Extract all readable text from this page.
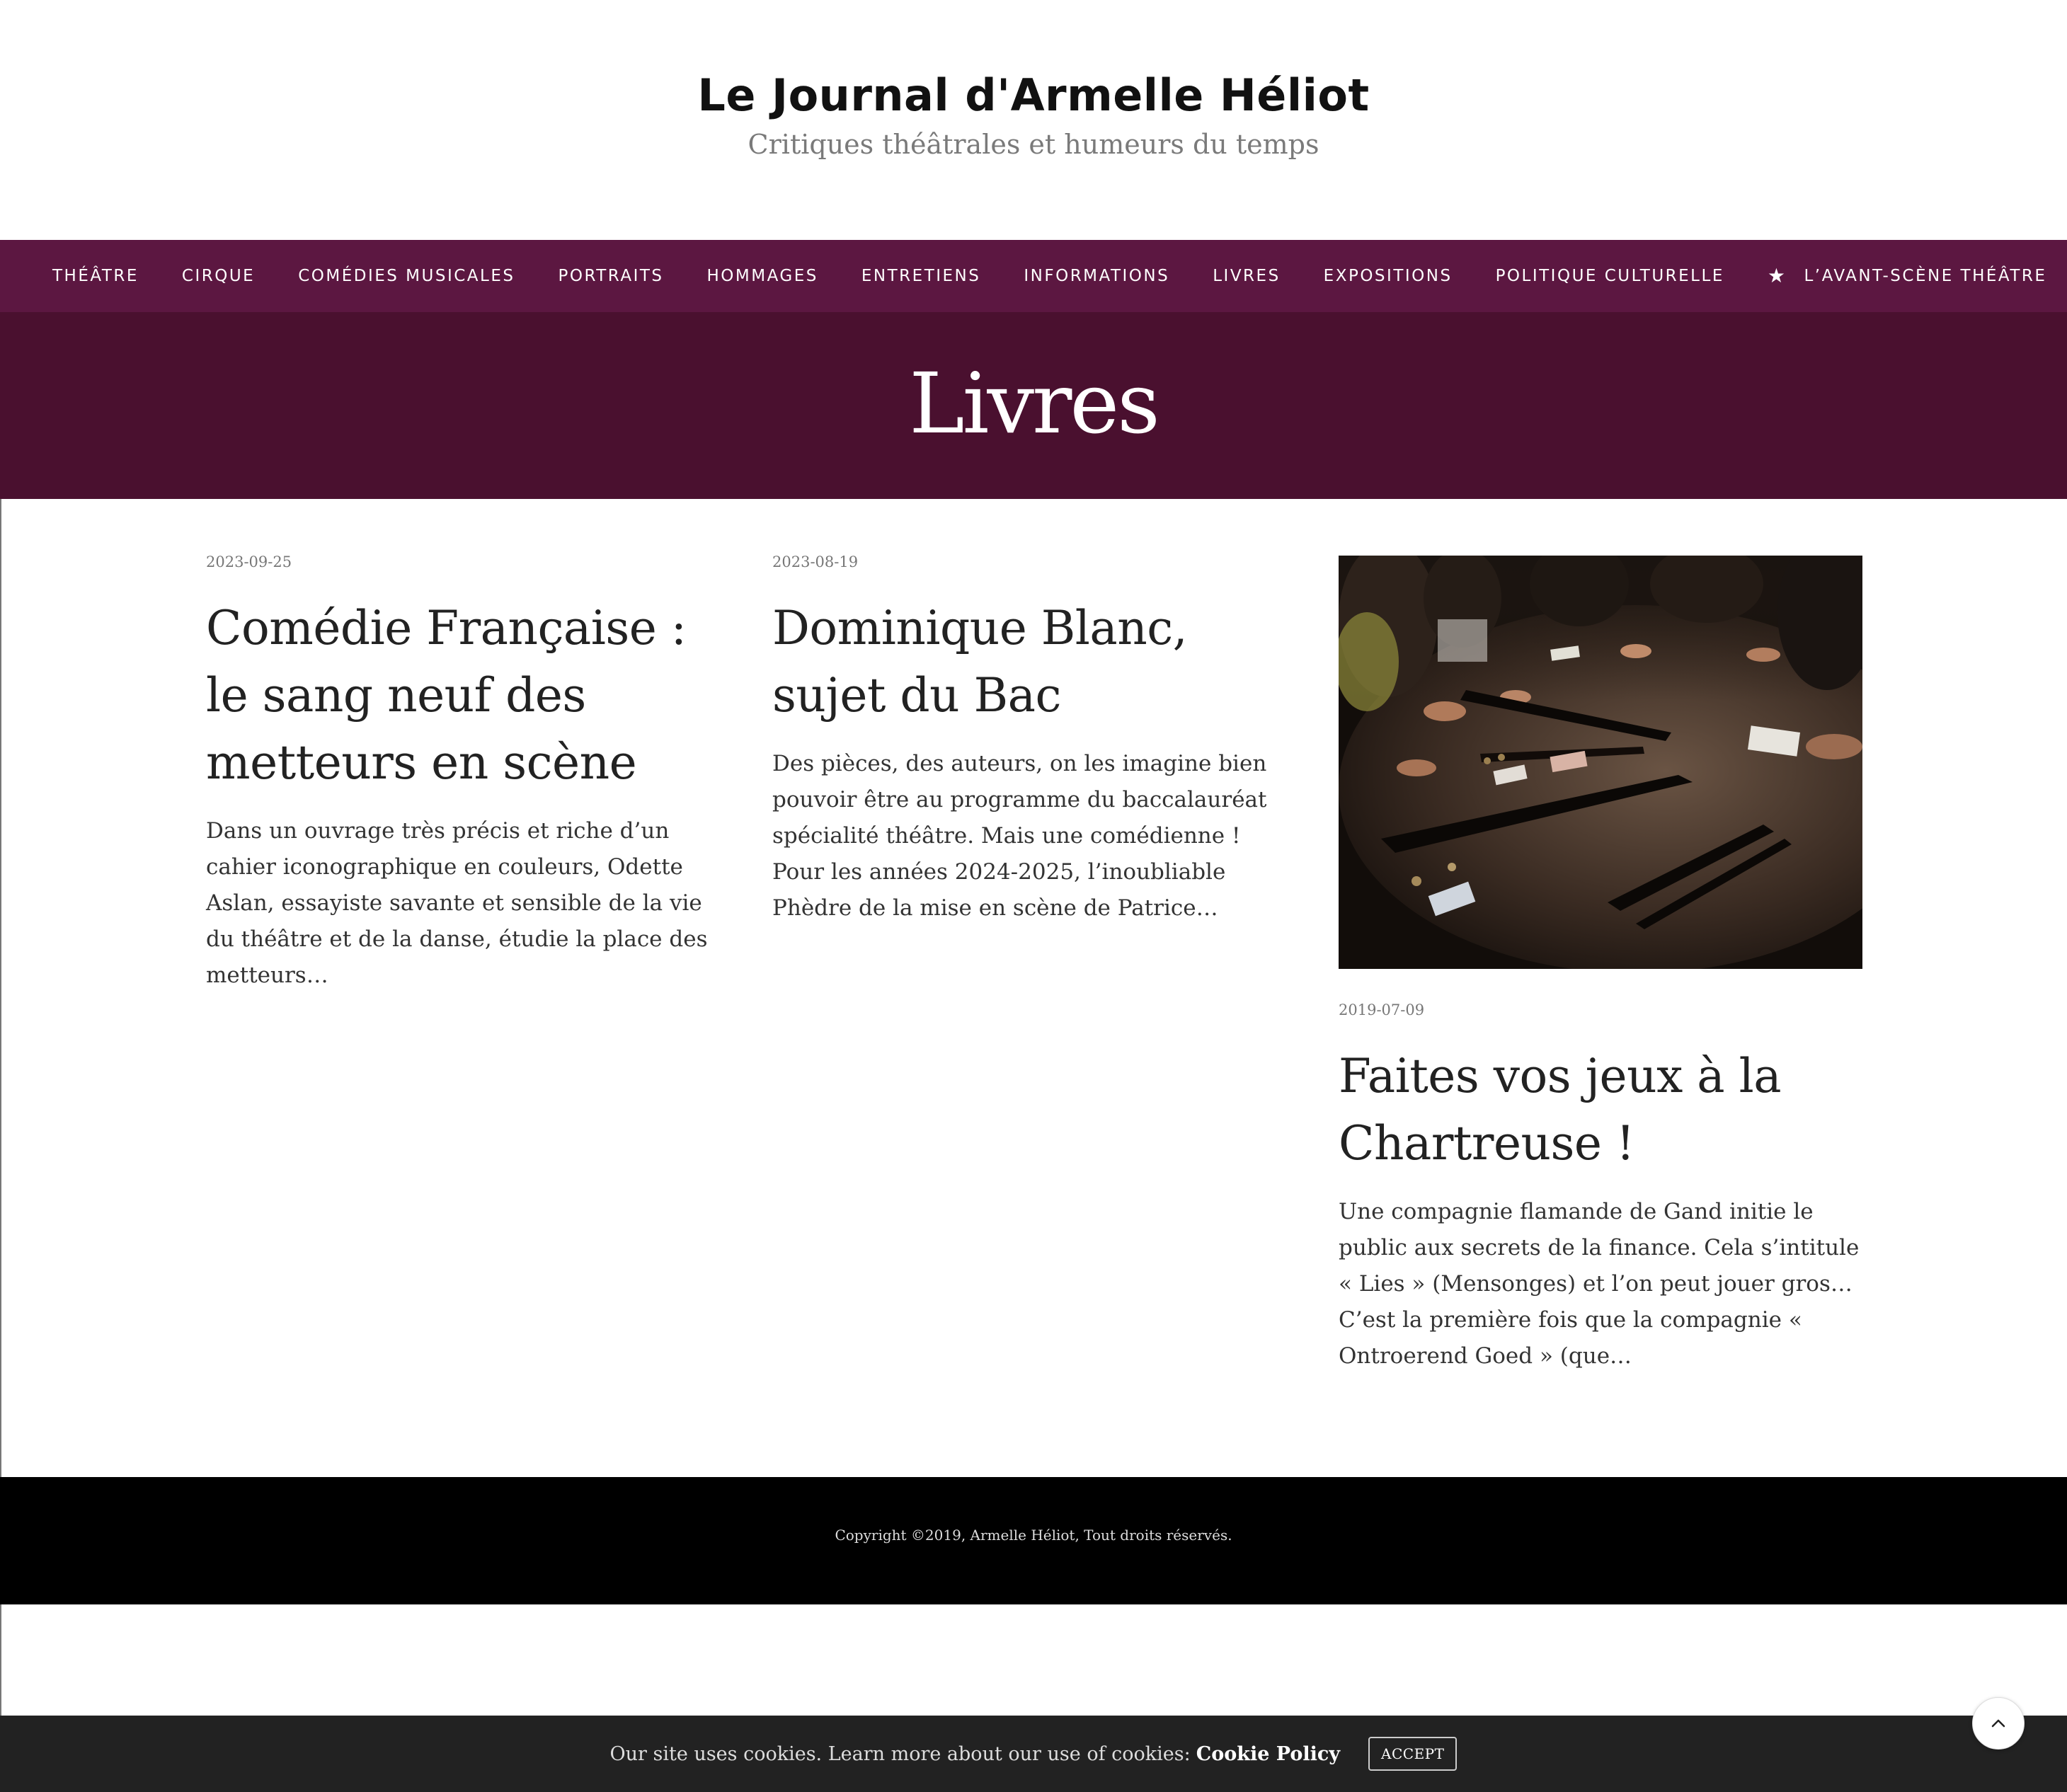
Le Journal d'Armelle Héliot
Critiques théâtrales et humeurs du temps
THÉÂTRE	CIRQUE	COMÉDIES MUSICALES	PORTRAITS	HOMMAGES	ENTRETIENS	INFORMATIONS	LIVRES	EXPOSITIONS	POLITIQUE CULTURELLE ★ L’AVANT-SCÈNE THÉÂTRE
Livres
2023-09-25
Comédie Française : le sang neuf des metteurs en scène

Dans un ouvrage très précis et riche d’un cahier iconographique en couleurs, Odette Aslan, essayiste savante et sensible de la vie du théâtre et de la danse, étudie la place des metteurs…

2023-08-19
Dominique Blanc, sujet du Bac

Des pièces, des auteurs, on les imagine bien pouvoir être au programme du baccalauréat spécialité théâtre. Mais une comédienne ! Pour les années 2024-2025, l’inoubliable Phèdre de la mise en scène de Patrice…

2019-07-09
Faites vos jeux à la Chartreuse !

Une compagnie flamande de Gand initie le public aux secrets de la finance. Cela s’intitule « Lies » (Mensonges) et l’on peut jouer gros… C’est la première fois que la compagnie « Ontroerend Goed » (que…

Copyright ©2019, Armelle Héliot, Tout droits réservés.

Our site uses cookies. Learn more about our use of cookies: Cookie Policy	ACCEPT
